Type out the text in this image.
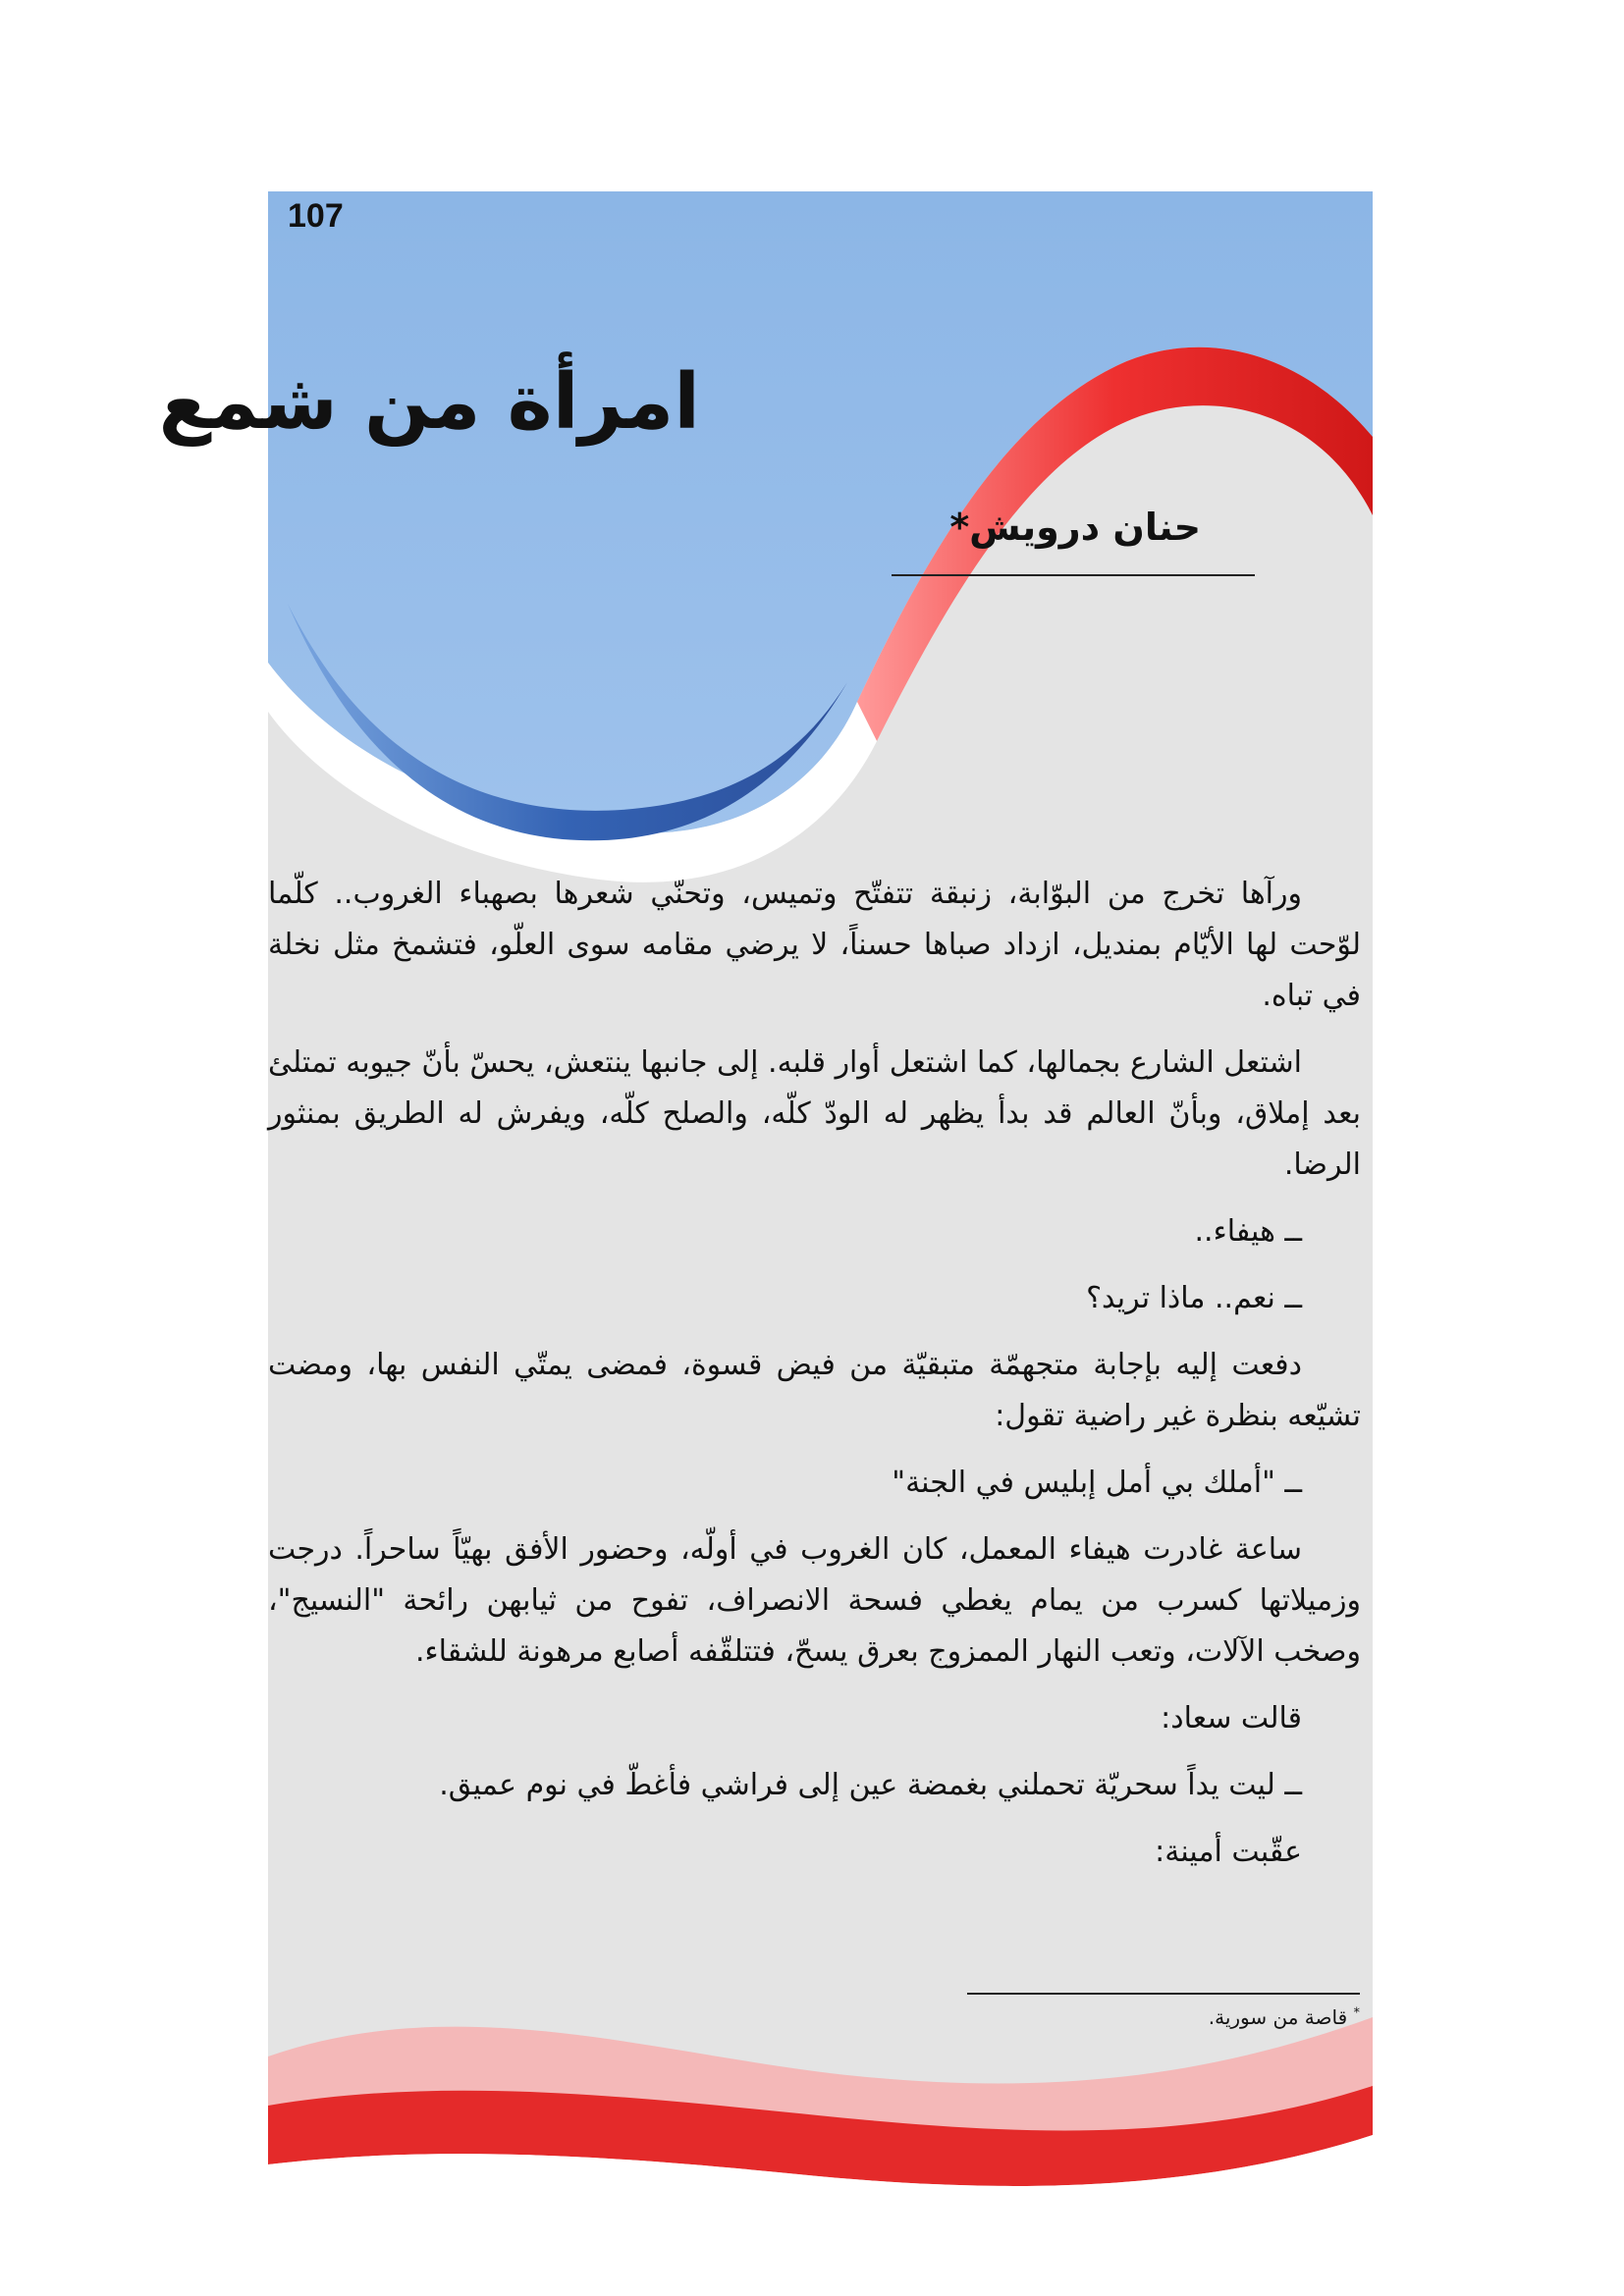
107
امرأة من شمع
حنان درويش*

ورآها تخرج من البوّابة، زنبقة تتفتّح وتميس، وتحنّي شعرها بصهباء الغروب.. كلّما لوّحت لها الأيّام بمنديل، ازداد صباها حسناً، لا يرضي مقامه سوى العلّو، فتشمخ مثل نخلة في تباه.

اشتعل الشارع بجمالها، كما اشتعل أوار قلبه. إلى جانبها ينتعش، يحسّ بأنّ جيوبه تمتلئ بعد إملاق، وبأنّ العالم قد بدأ يظهر له الودّ كلّه، والصلح كلّه، ويفرش له الطريق بمنثور الرضا.

ــ هيفاء..

ــ نعم.. ماذا تريد؟

دفعت إليه بإجابة متجهمّة متبقيّة من فيض قسوة، فمضى يمتّي النفس بها، ومضت تشيّعه بنظرة غير راضية تقول:

ــ "أملك بي أمل إبليس في الجنة"

ساعة غادرت هيفاء المعمل، كان الغروب في أولّه، وحضور الأفق بهيّاً ساحراً. درجت وزميلاتها كسرب من يمام يغطي فسحة الانصراف، تفوح من ثيابهن رائحة "النسيج"، وصخب الآلات، وتعب النهار الممزوج بعرق يسحّ، فتتلقّفه أصابع مرهونة للشقاء.

قالت سعاد:

ــ ليت يداً سحريّة تحملني بغمضة عين إلى فراشي فأغطّ في نوم عميق.

عقّبت أمينة:

* قاصة من سورية.
